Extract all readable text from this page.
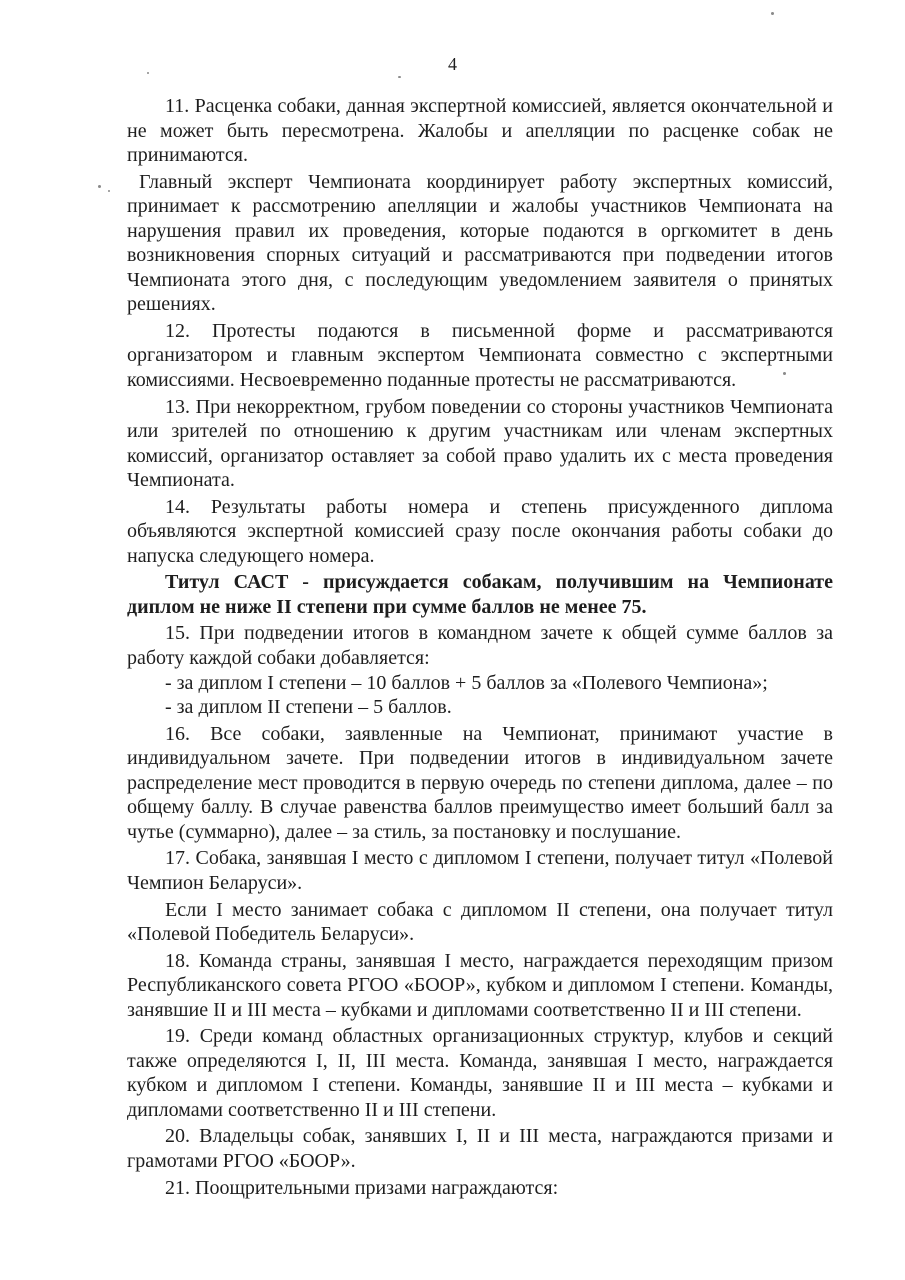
4

11. Расценка собаки, данная экспертной комиссией, является окончательной и не может быть пересмотрена. Жалобы и апелляции по расценке собак не принимаются.

Главный эксперт Чемпионата координирует работу экспертных комиссий, принимает к рассмотрению апелляции и жалобы участников Чемпионата на нарушения правил их проведения, которые подаются в оргкомитет в день возникновения спорных ситуаций и рассматриваются при подведении итогов Чемпионата этого дня, с последующим уведомлением заявителя о принятых решениях.

12. Протесты подаются в письменной форме и рассматриваются организатором и главным экспертом Чемпионата совместно с экспертными комиссиями. Несвоевременно поданные протесты не рассматриваются.

13. При некорректном, грубом поведении со стороны участников Чемпионата или зрителей по отношению к другим участникам или членам экспертных комиссий, организатор оставляет за собой право удалить их с места проведения Чемпионата.

14. Результаты работы номера и степень присужденного диплома объявляются экспертной комиссией сразу после окончания работы собаки до напуска следующего номера.

Титул САСТ - присуждается собакам, получившим на Чемпионате диплом не ниже II степени при сумме баллов не менее 75.

15. При подведении итогов в командном зачете к общей сумме баллов за работу каждой собаки добавляется:

- за диплом I степени – 10 баллов + 5 баллов за «Полевого Чемпиона»;

- за диплом II степени – 5 баллов.

16. Все собаки, заявленные на Чемпионат, принимают участие в индивидуальном зачете. При подведении итогов в индивидуальном зачете распределение мест проводится в первую очередь по степени диплома, далее – по общему баллу. В случае равенства баллов преимущество имеет больший балл за чутье (суммарно), далее – за стиль, за постановку и послушание.

17. Собака, занявшая I место с дипломом I степени, получает титул «Полевой Чемпион Беларуси».

Если I место занимает собака с дипломом II степени, она получает титул «Полевой Победитель Беларуси».

18. Команда страны, занявшая I место, награждается переходящим призом Республиканского совета РГОО «БООР», кубком и дипломом I степени. Команды, занявшие II и III места – кубками и дипломами соответственно II и III степени.

19. Среди команд областных организационных структур, клубов и секций также определяются I, II, III места. Команда, занявшая I место, награждается кубком и дипломом I степени. Команды, занявшие II и III места – кубками и дипломами соответственно II и III степени.

20. Владельцы собак, занявших I, II и III места, награждаются призами и грамотами РГОО «БООР».

21. Поощрительными призами награждаются:
